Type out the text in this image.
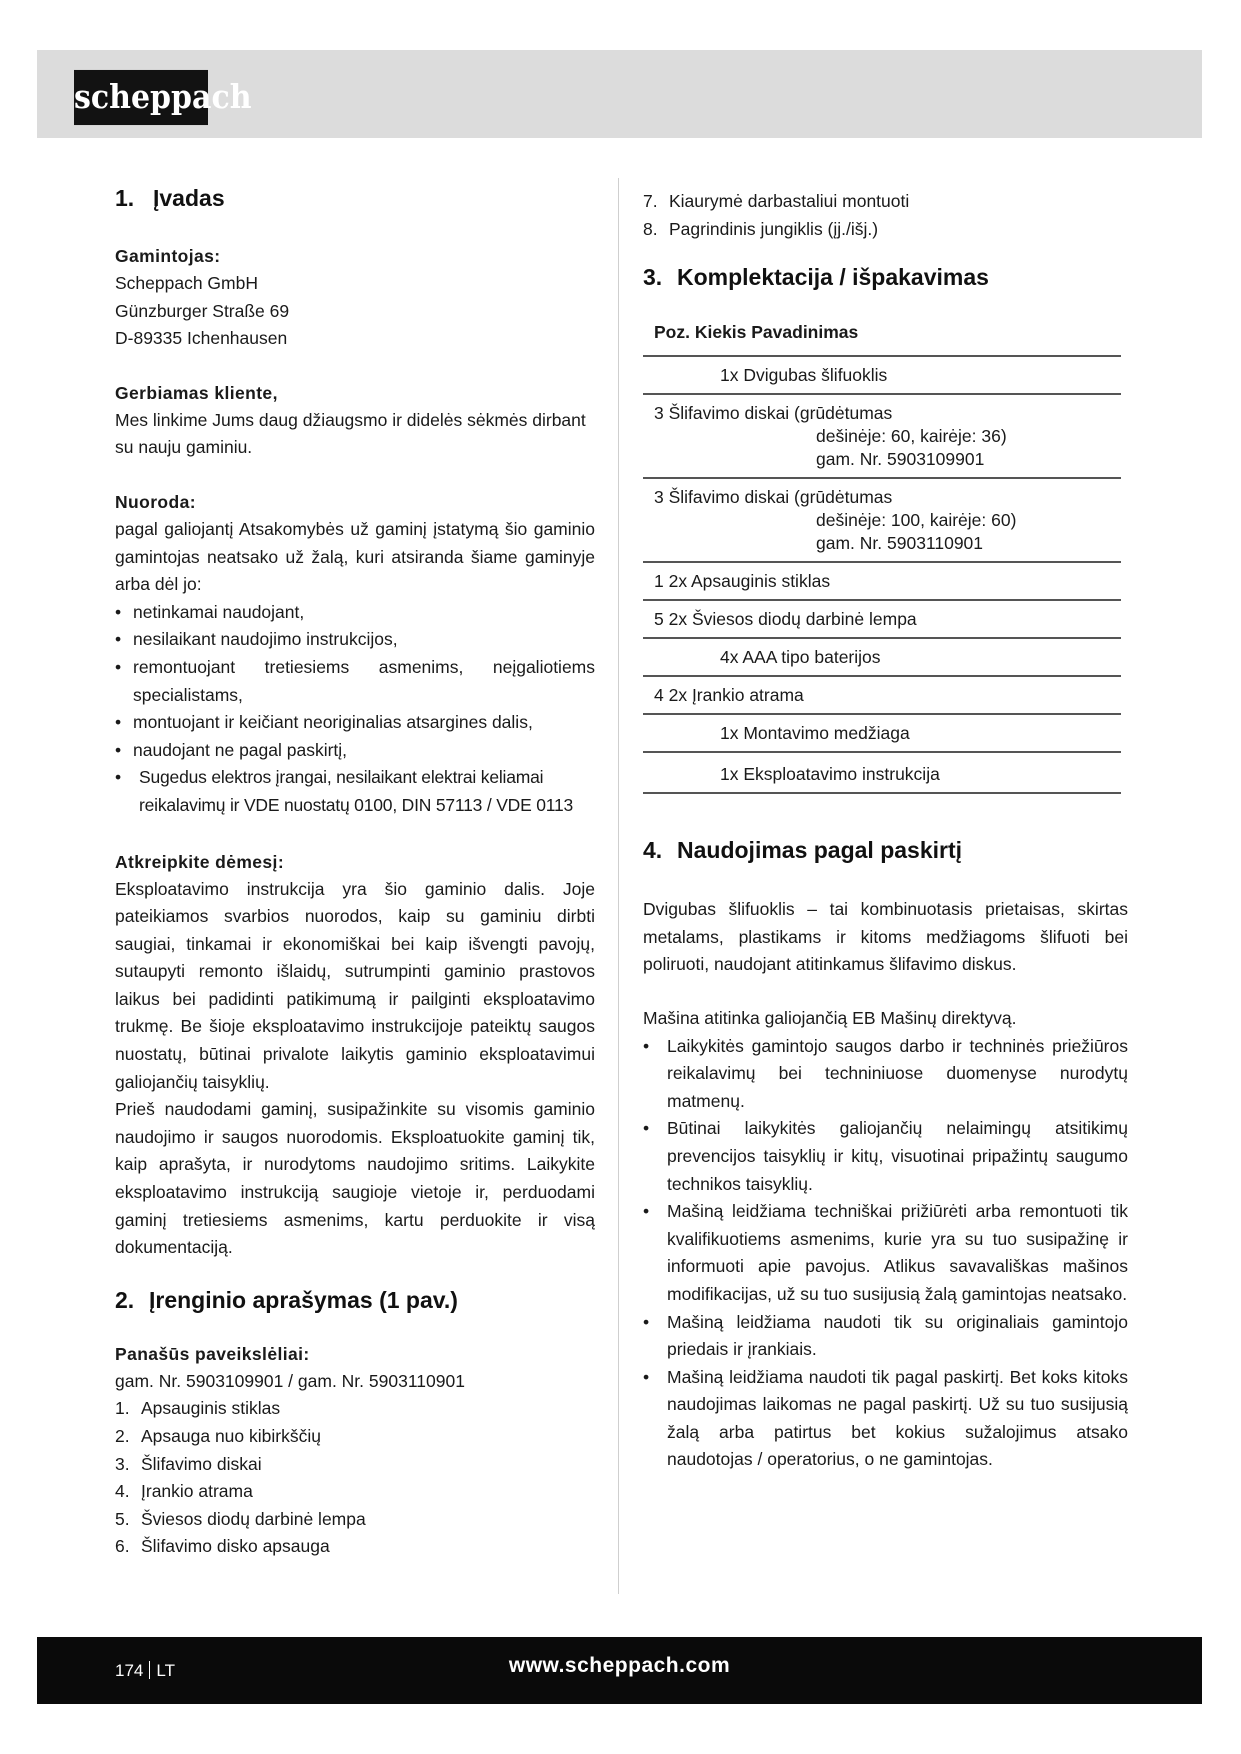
scheppach
1. Įvadas
Gamintojas:
Scheppach GmbH
Günzburger Straße 69
D-89335 Ichenhausen
Gerbiamas kliente,
Mes linkime Jums daug džiaugsmo ir didelės sėkmės dirbant su nauju gaminiu.
Nuoroda:
pagal galiojantį Atsakomybės už gaminį įstatymą šio gaminio gamintojas neatsako už žalą, kuri atsiranda šiame gaminyje arba dėl jo:
• netinkamai naudojant,
• nesilaikant naudojimo instrukcijos,
• remontuojant tretiesiems asmenims, neįgaliotiems specialistams,
• montuojant ir keičiant neoriginalias atsargines dalis,
• naudojant ne pagal paskirtį,
• Sugedus elektros įrangai, nesilaikant elektrai keliamai reikalavimų ir VDE nuostatų 0100, DIN 57113 / VDE 0113
Atkreipkite dėmesį:
Eksploatavimo instrukcija yra šio gaminio dalis. Joje pateikiamos svarbios nuorodos, kaip su gaminiu dirbti saugiai, tinkamai ir ekonomiškai bei kaip išvengti pavojų, sutaupyti remonto išlaidų, sutrumpinti gaminio prastovos laikus bei padidinti patikimumą ir pailginti eksploatavimo trukmę. Be šioje eksploatavimo instrukcijoje pateiktų saugos nuostatų, būtinai privalote laikytis gaminio eksploatavimui galiojančių taisyklių.
Prieš naudodami gaminį, susipažinkite su visomis gaminio naudojimo ir saugos nuorodomis. Eksploatuokite gaminį tik, kaip aprašyta, ir nurodytoms naudojimo sritims. Laikykite eksploatavimo instrukciją saugioje vietoje ir, perduodami gaminį tretiesiems asmenims, kartu perduokite ir visą dokumentaciją.
2. Įrenginio aprašymas (1 pav.)
Panašūs paveikslėliai:
gam. Nr. 5903109901 / gam. Nr. 5903110901
1. Apsauginis stiklas
2. Apsauga nuo kibirkščių
3. Šlifavimo diskai
4. Įrankio atrama
5. Šviesos diodų darbinė lempa
6. Šlifavimo disko apsauga
7. Kiaurymė darbastaliui montuoti
8. Pagrindinis jungiklis (įj./išj.)
3. Komplektacija / išpakavimas
Poz. Kiekis Pavadinimas
1x Dvigubas šlifuoklis
3 Šlifavimo diskai (grūdėtumas
dešinėje: 60, kairėje: 36)
gam. Nr. 5903109901
3 Šlifavimo diskai (grūdėtumas
dešinėje: 100, kairėje: 60)
gam. Nr. 5903110901
1 2x Apsauginis stiklas
5 2x Šviesos diodų darbinė lempa
4x AAA tipo baterijos
4 2x Įrankio atrama
1x Montavimo medžiaga
1x Eksploatavimo instrukcija
4. Naudojimas pagal paskirtį
Dvigubas šlifuoklis – tai kombinuotasis prietaisas, skirtas metalams, plastikams ir kitoms medžiagoms šlifuoti bei poliruoti, naudojant atitinkamus šlifavimo diskus.
Mašina atitinka galiojančią EB Mašinų direktyvą.
• Laikykitės gamintojo saugos darbo ir techninės priežiūros reikalavimų bei techniniuose duomenyse nurodytų matmenų.
• Būtinai laikykitės galiojančių nelaimingų atsitikimų prevencijos taisyklių ir kitų, visuotinai pripažintų saugumo technikos taisyklių.
• Mašiną leidžiama techniškai prižiūrėti arba remontuoti tik kvalifikuotiems asmenims, kurie yra su tuo susipažinę ir informuoti apie pavojus. Atlikus savavališkas mašinos modifikacijas, už su tuo susijusią žalą gamintojas neatsako.
• Mašiną leidžiama naudoti tik su originaliais gamintojo priedais ir įrankiais.
• Mašiną leidžiama naudoti tik pagal paskirtį. Bet koks kitoks naudojimas laikomas ne pagal paskirtį. Už su tuo susijusią žalą arba patirtus bet kokius sužalojimus atsako naudotojas / operatorius, o ne gamintojas.
174 LT	www.scheppach.com
